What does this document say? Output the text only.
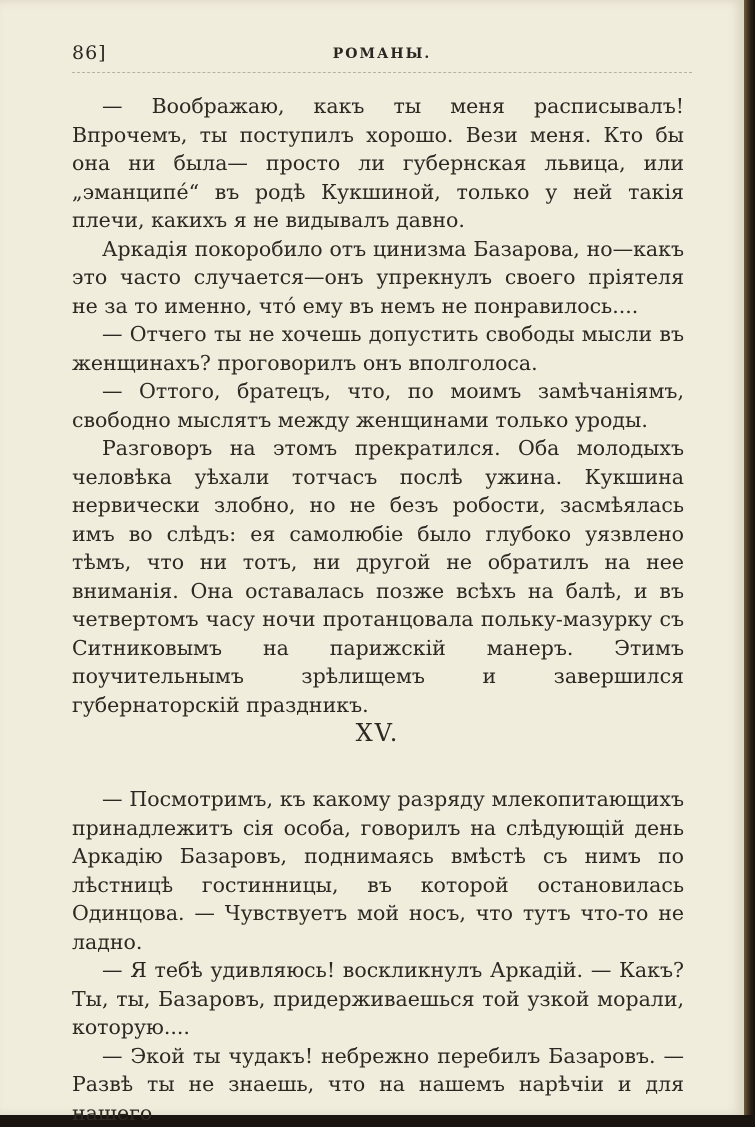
86]	РОМАНЫ.

— Воображаю, какъ ты меня расписывалъ! Впрочемъ, ты поступилъ хорошо. Вези меня. Кто бы она ни была— просто ли губернская львица, или „эманципé“ въ родѣ Кукшиной, только у ней такія плечи, какихъ я не видывалъ давно.

Аркадія покоробило отъ цинизма Базарова, но—какъ это часто случается—онъ упрекнулъ своего пріятеля не за то именно, что́ ему въ немъ не понравилось....

— Отчего ты не хочешь допустить свободы мысли въ женщинахъ? проговорилъ онъ вполголоса.

— Оттого, братецъ, что, по моимъ замѣчаніямъ, свободно мыслятъ между женщинами только уроды.

Разговоръ на этомъ прекратился. Оба молодыхъ человѣка уѣхали тотчасъ послѣ ужина. Кукшина нервически злобно, но не безъ робости, засмѣялась имъ во слѣдъ: ея самолюбіе было глубоко уязвлено тѣмъ, что ни тотъ, ни другой не обратилъ на нее вниманія. Она оставалась позже всѣхъ на балѣ, и въ четвертомъ часу ночи протанцовала польку-мазурку съ Ситниковымъ на парижскій манеръ. Этимъ поучительнымъ зрѣлищемъ и завершился губернаторскій праздникъ.

XV.

— Посмотримъ, къ какому разряду млекопитающихъ принадлежитъ сія особа, говорилъ на слѣдующій день Аркадію Базаровъ, поднимаясь вмѣстѣ съ нимъ по лѣстницѣ гостинницы, въ которой остановилась Одинцова. — Чувствуетъ мой носъ, что тутъ что-то не ладно.

— Я тебѣ удивляюсь! воскликнулъ Аркадій. — Какъ? Ты, ты, Базаровъ, придерживаешься той узкой морали, которую....

— Экой ты чудакъ! небрежно перебилъ Базаровъ. — Развѣ ты не знаешь, что на нашемъ нарѣчіи и для нашего
